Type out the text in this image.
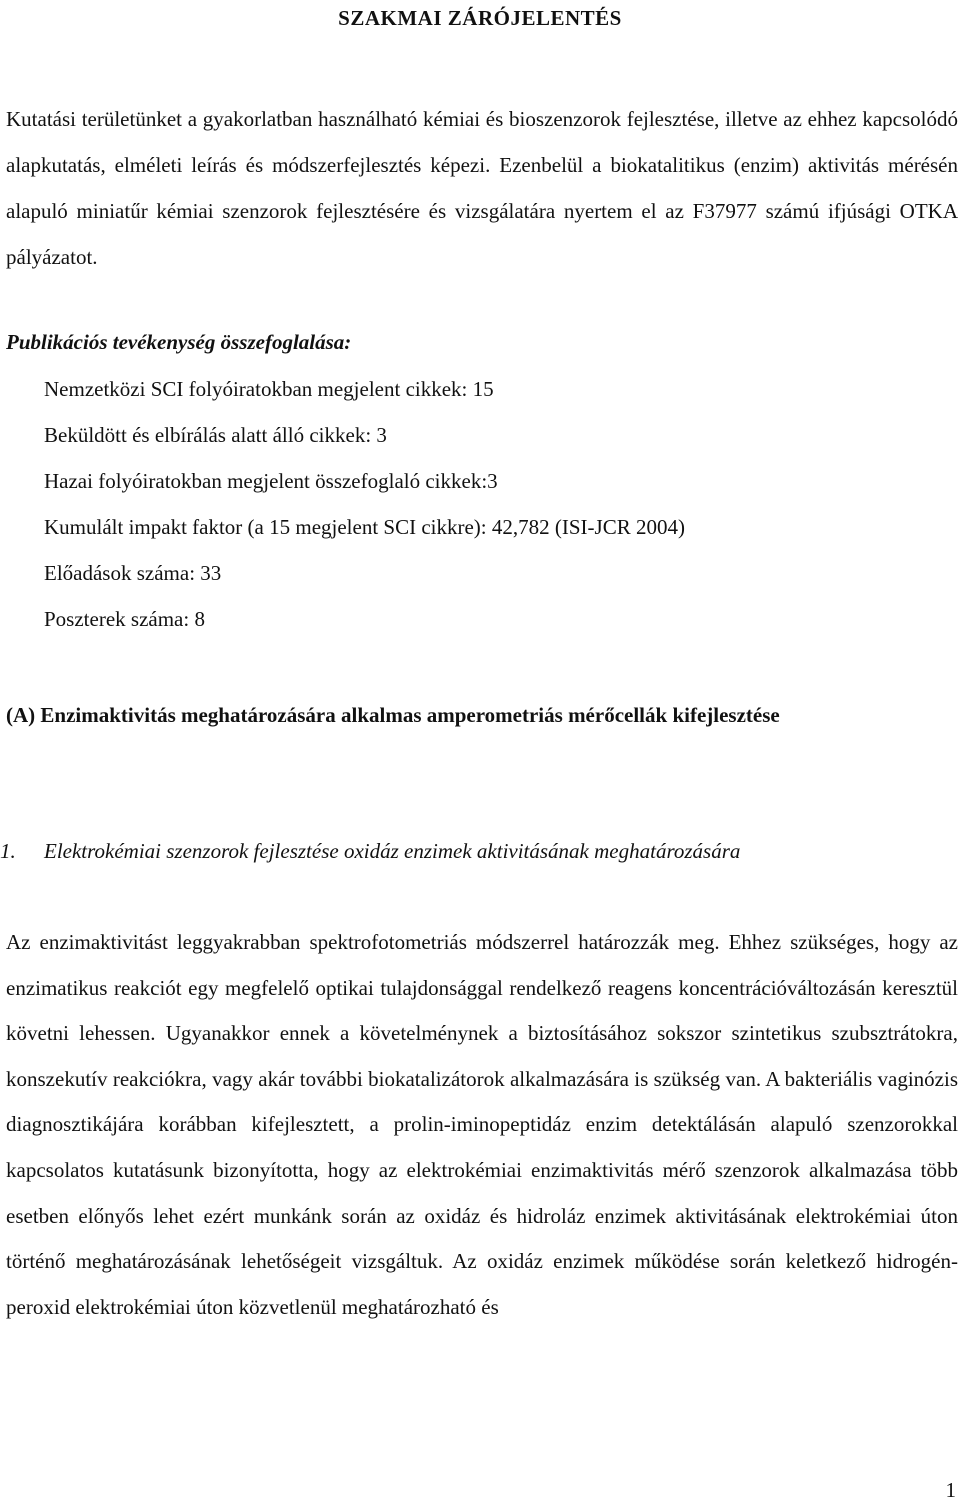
SZAKMAI ZÁRÓJELENTÉS

Kutatási területünket a gyakorlatban használható kémiai és bioszenzorok fejlesztése, illetve az ehhez kapcsolódó alapkutatás, elméleti leírás és módszerfejlesztés képezi. Ezenbelül a biokatalitikus (enzim) aktivitás mérésén alapuló miniatűr kémiai szenzorok fejlesztésére és vizsgálatára nyertem el az F37977 számú ifjúsági OTKA pályázatot.

Publikációs tevékenység összefoglalása:
Nemzetközi SCI folyóiratokban megjelent cikkek: 15
Beküldött és elbírálás alatt álló cikkek: 3
Hazai folyóiratokban megjelent összefoglaló cikkek:3
Kumulált impakt faktor (a 15 megjelent SCI cikkre): 42,782 (ISI-JCR 2004)
Előadások száma: 33
Poszterek száma: 8
(A) Enzimaktivitás meghatározására alkalmas amperometriás mérőcellák kifejlesztése
1. Elektrokémiai szenzorok fejlesztése oxidáz enzimek aktivitásának meghatározására

Az enzimaktivitást leggyakrabban spektrofotometriás módszerrel határozzák meg. Ehhez szükséges, hogy az enzimatikus reakciót egy megfelelő optikai tulajdonsággal rendelkező reagens koncentrációváltozásán keresztül követni lehessen. Ugyanakkor ennek a követelménynek a biztosításához sokszor szintetikus szubsztrátokra, konszekutív reakciókra, vagy akár további biokatalizátorok alkalmazására is szükség van. A bakteriális vaginózis diagnosztikájára korábban kifejlesztett, a prolin-iminopeptidáz enzim detektálásán alapuló szenzorokkal kapcsolatos kutatásunk bizonyította, hogy az elektrokémiai enzimaktivitás mérő szenzorok alkalmazása több esetben előnyős lehet ezért munkánk során az oxidáz és hidroláz enzimek aktivitásának elektrokémiai úton történő meghatározásának lehetőségeit vizsgáltuk. Az oxidáz enzimek működése során keletkező hidrogén-peroxid elektrokémiai úton közvetlenül meghatározható és

1
